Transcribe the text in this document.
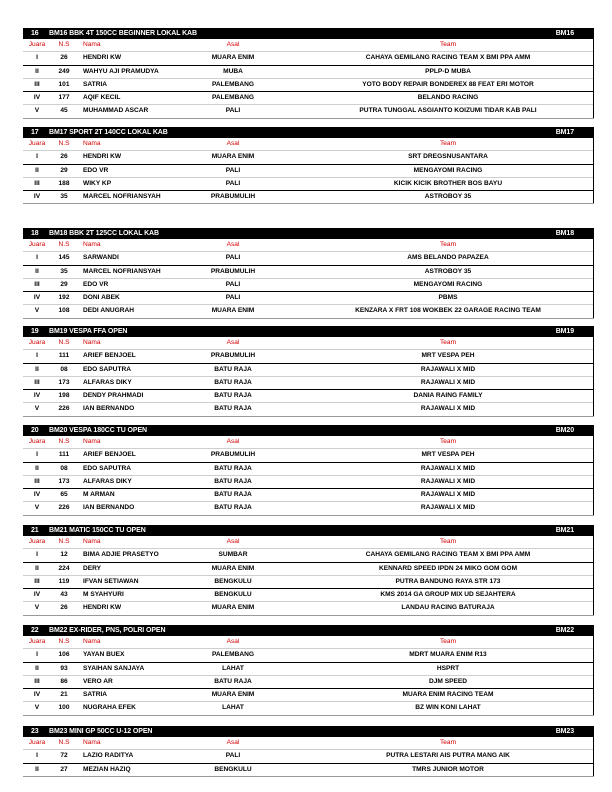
16 BM16 BBK 4T 150CC BEGINNER LOKAL KAB	BM16
Juara	N.S	Nama	Asal	Team
I	26	HENDRI KW	MUARA ENIM	CAHAYA GEMILANG RACING TEAM X BMI PPA AMM
II	249	WAHYU AJI PRAMUDYA	MUBA	PPLP-D MUBA
III	101	SATRIA	PALEMBANG	YOTO BODY REPAIR BONDEREX 88 FEAT ERI MOTOR
IV	177	AQIF KECIL	PALEMBANG	BELANDO RACING
V	45	MUHAMMAD ASCAR	PALI	PUTRA TUNGGAL ASGIANTO KOIZUMI TIDAR KAB PALI
17 BM17 SPORT 2T 140CC LOKAL KAB	BM17
Juara	N.S	Nama	Asal	Team
I	26	HENDRI KW	MUARA ENIM	SRT DREGSNUSANTARA
II	29	EDO VR	PALI	MENGAYOMI RACING
III	188	WIKY KP	PALI	KICIK KICIK BROTHER BOS BAYU
IV	35	MARCEL NOFRIANSYAH	PRABUMULIH	ASTROBOY 35
18 BM18 BBK 2T 125CC LOKAL KAB	BM18
Juara	N.S	Nama	Asal	Team
I	145	SARWANDI	PALI	AMS BELANDO PAPAZEA
II	35	MARCEL NOFRIANSYAH	PRABUMULIH	ASTROBOY 35
III	29	EDO VR	PALI	MENGAYOMI RACING
IV	192	DONI ABEK	PALI	PBMS
V	108	DEDI ANUGRAH	MUARA ENIM	KENZARA X FRT 108 WOKBEK 22 GARAGE RACING TEAM
19 BM19 VESPA FFA OPEN	BM19
Juara	N.S	Nama	Asal	Team
I	111	ARIEF BENJOEL	PRABUMULIH	MRT VESPA PEH
II	08	EDO SAPUTRA	BATU RAJA	RAJAWALI X MID
III	173	ALFARAS DIKY	BATU RAJA	RAJAWALI X MID
IV	198	DENDY PRAHMADI	BATU RAJA	DANIA RAING FAMILY
V	226	IAN BERNANDO	BATU RAJA	RAJAWALI X MID
20 BM20 VESPA 180CC TU OPEN	BM20
Juara	N.S	Nama	Asal	Team
I	111	ARIEF BENJOEL	PRABUMULIH	MRT VESPA PEH
II	08	EDO SAPUTRA	BATU RAJA	RAJAWALI X MID
III	173	ALFARAS DIKY	BATU RAJA	RAJAWALI X MID
IV	65	M ARMAN	BATU RAJA	RAJAWALI X MID
V	226	IAN BERNANDO	BATU RAJA	RAJAWALI X MID
21 BM21 MATIC 150CC TU OPEN	BM21
Juara	N.S	Nama	Asal	Team
I	12	BIMA ADJIE PRASETYO	SUMBAR	CAHAYA GEMILANG RACING TEAM X BMI PPA AMM
II	224	DERY	MUARA ENIM	KENNARD SPEED IPDN 24 MIKO GOM GOM
III	119	IFVAN SETIAWAN	BENGKULU	PUTRA BANDUNG RAYA STR 173
IV	43	M SYAHYURI	BENGKULU	KMS 2014 GA GROUP MIX UD SEJAHTERA
V	26	HENDRI KW	MUARA ENIM	LANDAU RACING BATURAJA
22 BM22 EX-RIDER, PNS, POLRI OPEN	BM22
Juara	N.S	Nama	Asal	Team
I	106	YAYAN BUEX	PALEMBANG	MDRT MUARA ENIM R13
II	93	SYAIHAN SANJAYA	LAHAT	HSPRT
III	86	VERO AR	BATU RAJA	DJM SPEED
IV	21	SATRIA	MUARA ENIM	MUARA ENIM RACING TEAM
V	100	NUGRAHA EFEK	LAHAT	BZ WIN KONI LAHAT
23 BM23 MINI GP 50CC U-12 OPEN	BM23
Juara	N.S	Nama	Asal	Team
I	72	LAZIO RADITYA	PALI	PUTRA LESTARI AIS PUTRA MANG AIK
II	27	MEZIAN HAZIQ	BENGKULU	TMRS JUNIOR MOTOR
